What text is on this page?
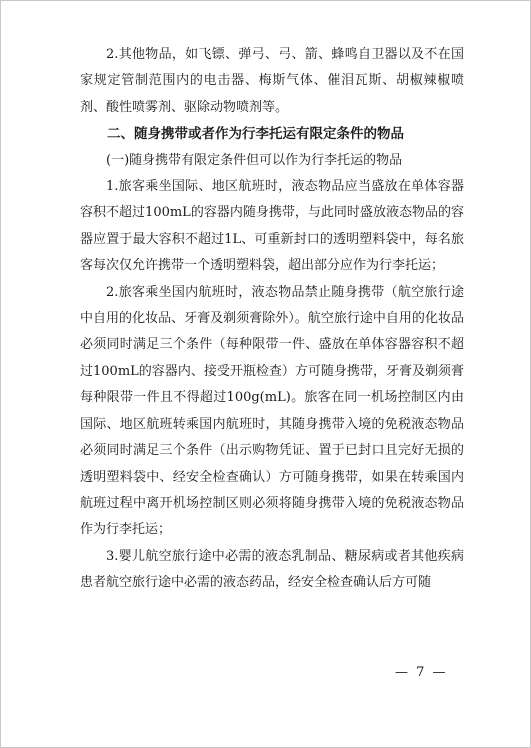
2.其他物品，如飞镖、弹弓、弓、箭、蜂鸣自卫器以及不在国家规定管制范围内的电击器、梅斯气体、催泪瓦斯、胡椒辣椒喷剂、酸性喷雾剂、驱除动物喷剂等。

二、随身携带或者作为行李托运有限定条件的物品

(一)随身携带有限定条件但可以作为行李托运的物品

1.旅客乘坐国际、地区航班时，液态物品应当盛放在单体容器容积不超过100mL的容器内随身携带，与此同时盛放液态物品的容器应置于最大容积不超过1L、可重新封口的透明塑料袋中，每名旅客每次仅允许携带一个透明塑料袋，超出部分应作为行李托运；

2.旅客乘坐国内航班时，液态物品禁止随身携带（航空旅行途中自用的化妆品、牙膏及剃须膏除外）。航空旅行途中自用的化妆品必须同时满足三个条件（每种限带一件、盛放在单体容器容积不超过100mL的容器内、接受开瓶检查）方可随身携带，牙膏及剃须膏每种限带一件且不得超过100g(mL)。旅客在同一机场控制区内由国际、地区航班转乘国内航班时，其随身携带入境的免税液态物品必须同时满足三个条件（出示购物凭证、置于已封口且完好无损的透明塑料袋中、经安全检查确认）方可随身携带，如果在转乘国内航班过程中离开机场控制区则必须将随身携带入境的免税液态物品作为行李托运；

3.婴儿航空旅行途中必需的液态乳制品、糖尿病或者其他疾病患者航空旅行途中必需的液态药品，经安全检查确认后方可随

— 7 —
